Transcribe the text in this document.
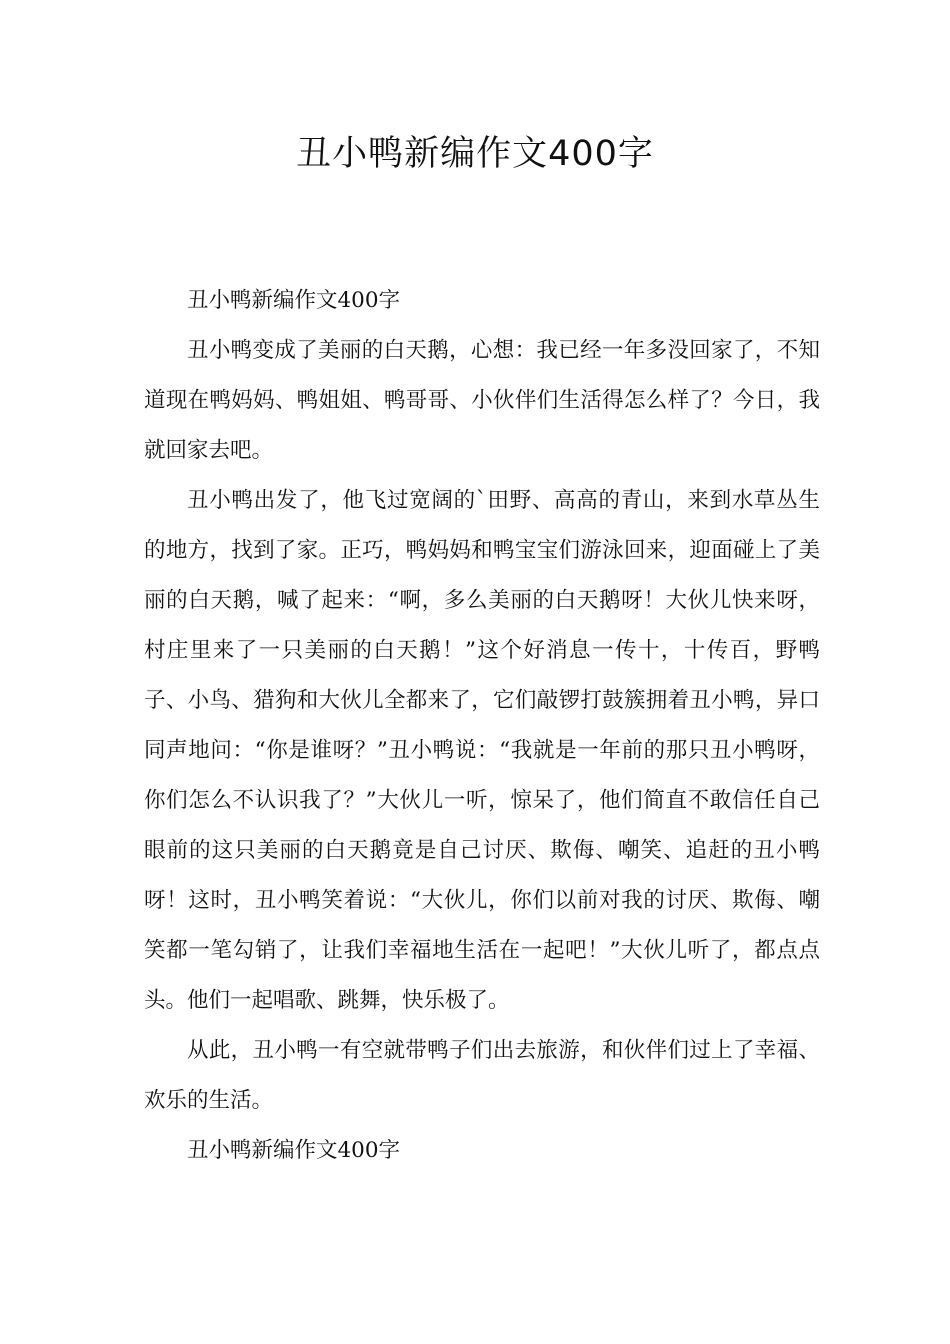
丑小鸭新编作文400字

丑小鸭新编作文400字

丑小鸭变成了美丽的白天鹅，心想：我已经一年多没回家了，不知道现在鸭妈妈、鸭姐姐、鸭哥哥、小伙伴们生活得怎么样了？今日，我就回家去吧。

丑小鸭出发了，他飞过宽阔的`田野、高高的青山，来到水草丛生的地方，找到了家。正巧，鸭妈妈和鸭宝宝们游泳回来，迎面碰上了美丽的白天鹅，喊了起来：“啊，多么美丽的白天鹅呀！大伙儿快来呀，村庄里来了一只美丽的白天鹅！”这个好消息一传十，十传百，野鸭子、小鸟、猎狗和大伙儿全都来了，它们敲锣打鼓簇拥着丑小鸭，异口同声地问：“你是谁呀？”丑小鸭说：“我就是一年前的那只丑小鸭呀，你们怎么不认识我了？”大伙儿一听，惊呆了，他们简直不敢信任自己眼前的这只美丽的白天鹅竟是自己讨厌、欺侮、嘲笑、追赶的丑小鸭呀！这时，丑小鸭笑着说：“大伙儿，你们以前对我的讨厌、欺侮、嘲笑都一笔勾销了，让我们幸福地生活在一起吧！”大伙儿听了，都点点头。他们一起唱歌、跳舞，快乐极了。

从此，丑小鸭一有空就带鸭子们出去旅游，和伙伴们过上了幸福、欢乐的生活。

丑小鸭新编作文400字
